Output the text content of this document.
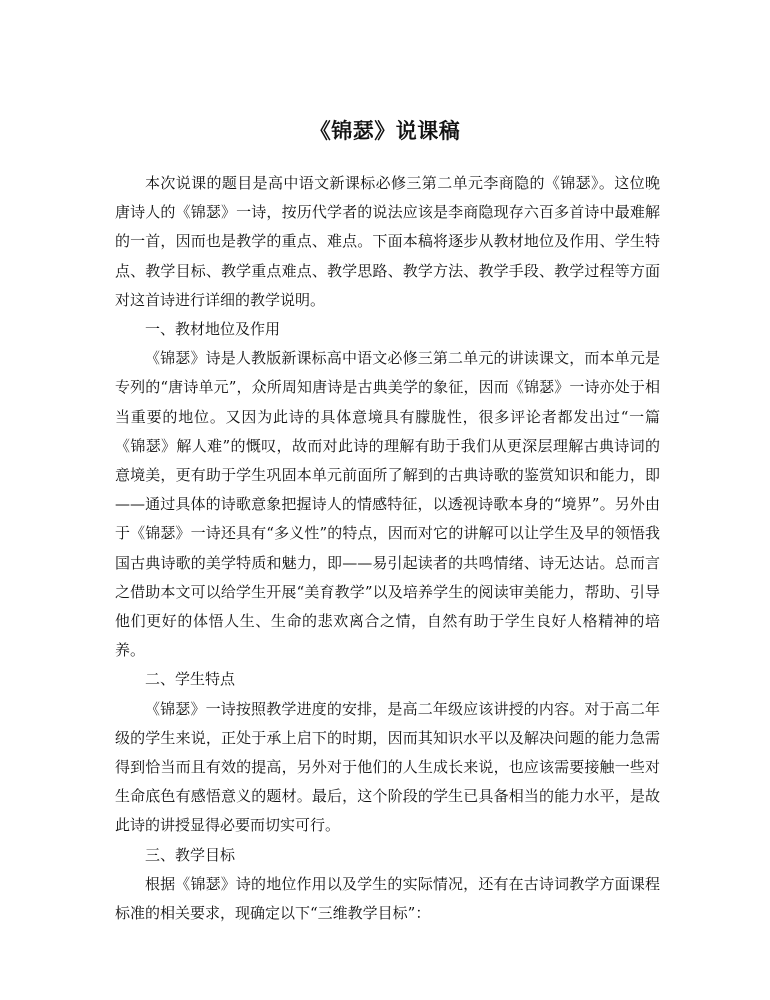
《锦瑟》说课稿

本次说课的题目是高中语文新课标必修三第二单元李商隐的《锦瑟》。这位晚唐诗人的《锦瑟》一诗，按历代学者的说法应该是李商隐现存六百多首诗中最难解的一首，因而也是教学的重点、难点。下面本稿将逐步从教材地位及作用、学生特点、教学目标、教学重点难点、教学思路、教学方法、教学手段、教学过程等方面对这首诗进行详细的教学说明。

一、教材地位及作用

《锦瑟》诗是人教版新课标高中语文必修三第二单元的讲读课文，而本单元是专列的“唐诗单元”，众所周知唐诗是古典美学的象征，因而《锦瑟》一诗亦处于相当重要的地位。又因为此诗的具体意境具有朦胧性，很多评论者都发出过“一篇《锦瑟》解人难”的慨叹，故而对此诗的理解有助于我们从更深层理解古典诗词的意境美，更有助于学生巩固本单元前面所了解到的古典诗歌的鉴赏知识和能力，即——通过具体的诗歌意象把握诗人的情感特征，以透视诗歌本身的“境界”。另外由于《锦瑟》一诗还具有“多义性”的特点，因而对它的讲解可以让学生及早的领悟我国古典诗歌的美学特质和魅力，即——易引起读者的共鸣情绪、诗无达诂。总而言之借助本文可以给学生开展“美育教学”以及培养学生的阅读审美能力，帮助、引导他们更好的体悟人生、生命的悲欢离合之情，自然有助于学生良好人格精神的培养。

二、学生特点

《锦瑟》一诗按照教学进度的安排，是高二年级应该讲授的内容。对于高二年级的学生来说，正处于承上启下的时期，因而其知识水平以及解决问题的能力急需得到恰当而且有效的提高，另外对于他们的人生成长来说，也应该需要接触一些对生命底色有感悟意义的题材。最后，这个阶段的学生已具备相当的能力水平，是故此诗的讲授显得必要而切实可行。

三、教学目标

根据《锦瑟》诗的地位作用以及学生的实际情况，还有在古诗词教学方面课程标准的相关要求，现确定以下“三维教学目标”：
